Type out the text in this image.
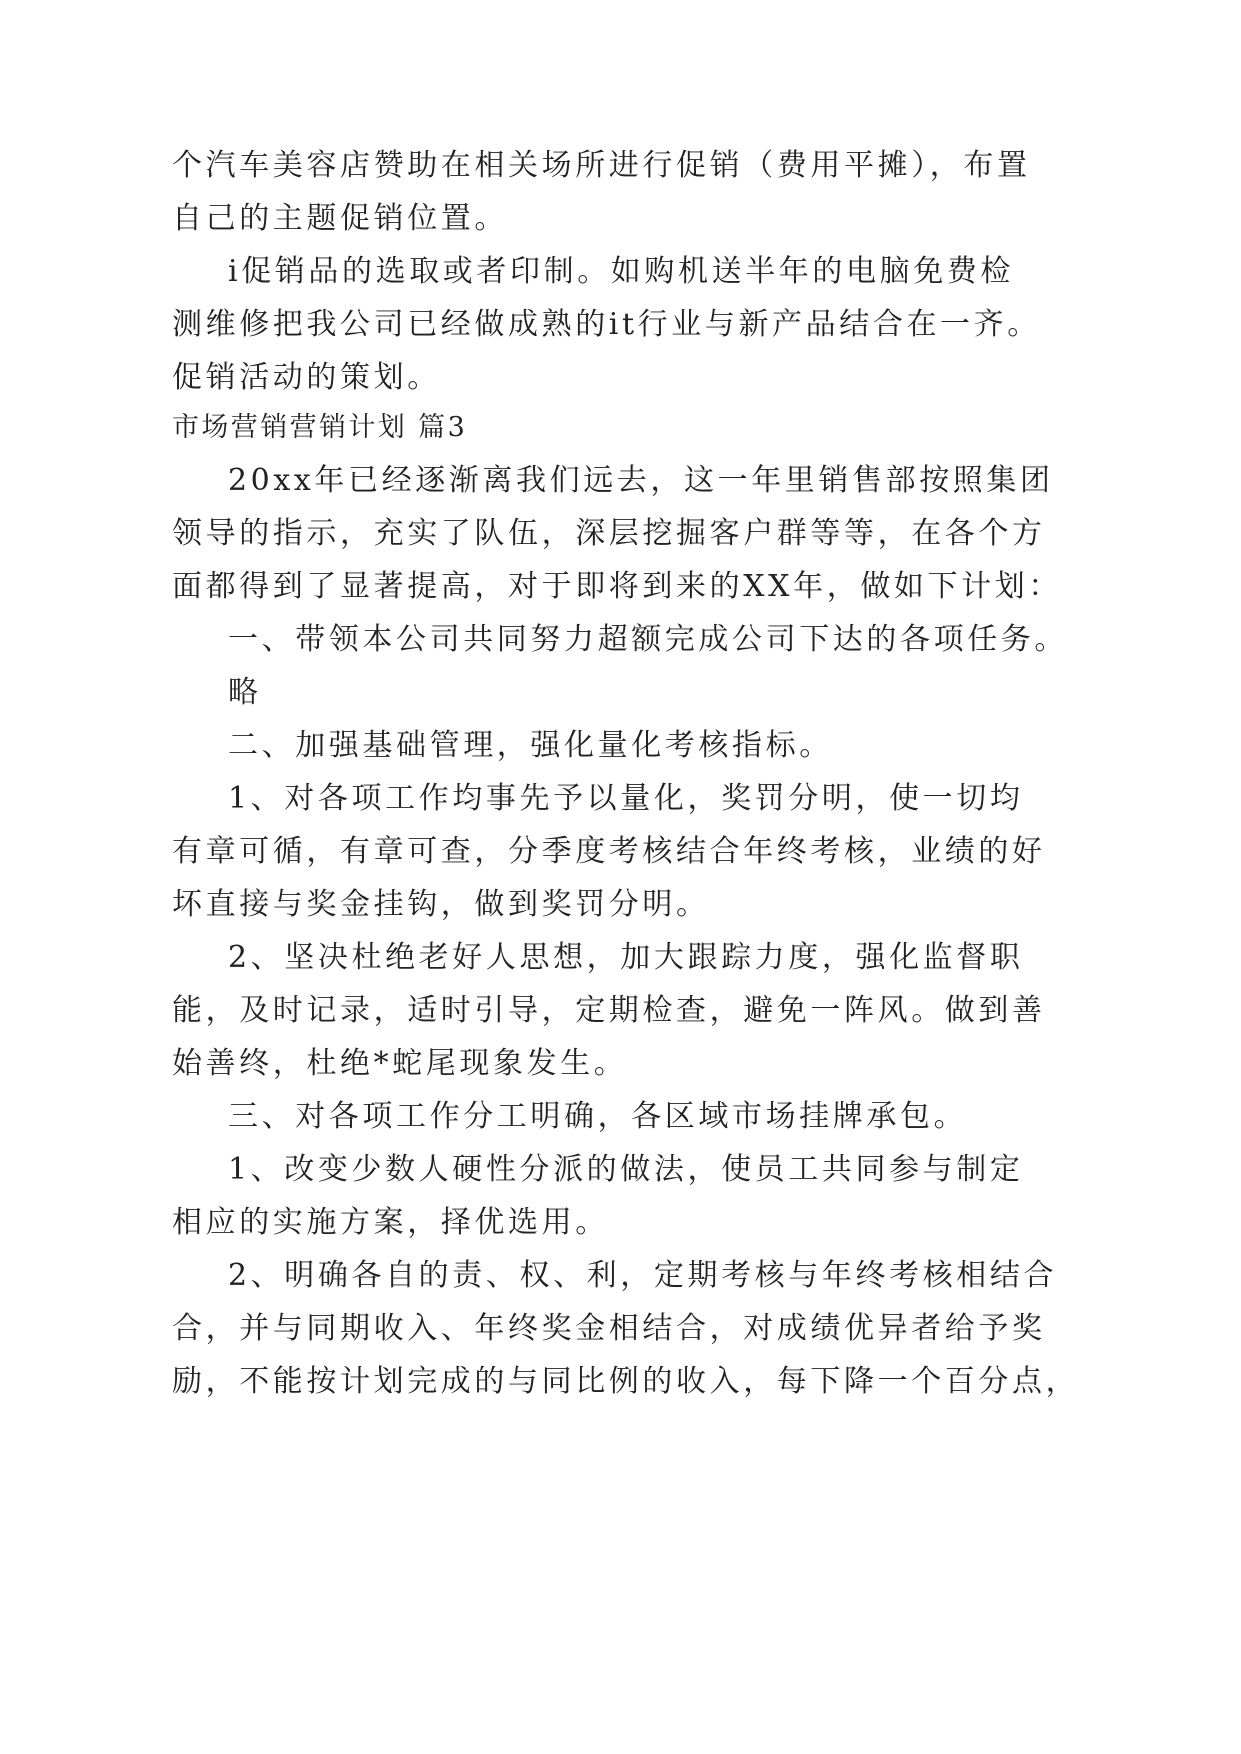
个汽车美容店赞助在相关场所进行促销（费用平摊），布置
自己的主题促销位置。
i促销品的选取或者印制。如购机送半年的电脑免费检
测维修把我公司已经做成熟的it行业与新产品结合在一齐。
促销活动的策划。
市场营销营销计划 篇3
20xx年已经逐渐离我们远去，这一年里销售部按照集团
领导的指示，充实了队伍，深层挖掘客户群等等，在各个方
面都得到了显著提高，对于即将到来的XX年，做如下计划：
一、带领本公司共同努力超额完成公司下达的各项任务。
略
二、加强基础管理，强化量化考核指标。
1、对各项工作均事先予以量化，奖罚分明，使一切均
有章可循，有章可查，分季度考核结合年终考核，业绩的好
坏直接与奖金挂钩，做到奖罚分明。
2、坚决杜绝老好人思想，加大跟踪力度，强化监督职
能，及时记录，适时引导，定期检查，避免一阵风。做到善
始善终，杜绝*蛇尾现象发生。
三、对各项工作分工明确，各区域市场挂牌承包。
1、改变少数人硬性分派的做法，使员工共同参与制定
相应的实施方案，择优选用。
2、明确各自的责、权、利，定期考核与年终考核相结合
合，并与同期收入、年终奖金相结合，对成绩优异者给予奖
励，不能按计划完成的与同比例的收入，每下降一个百分点，
